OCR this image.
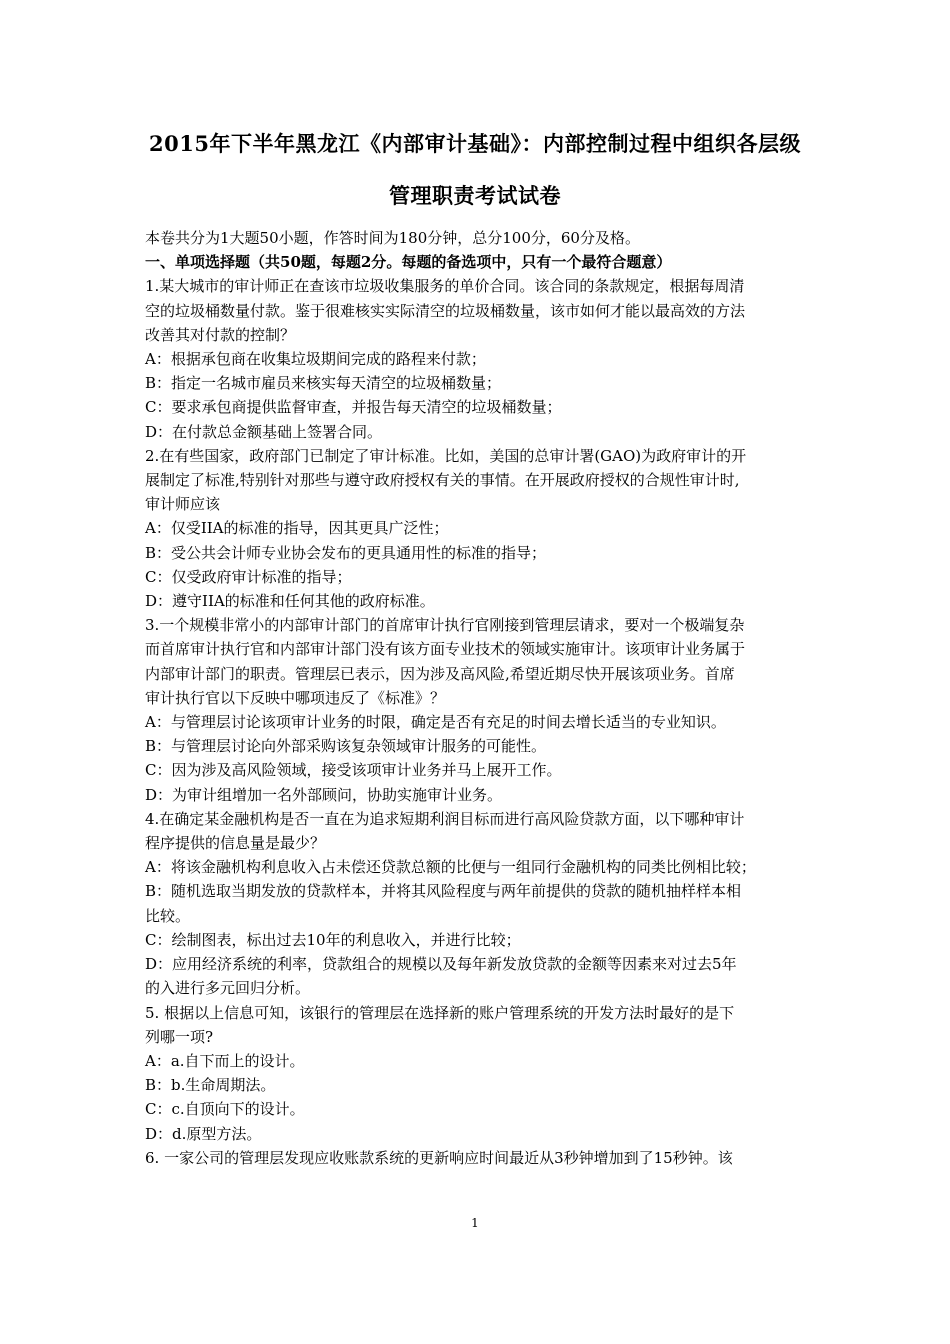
2015年下半年黑龙江《内部审计基础》：内部控制过程中组织各层级
管理职责考试试卷

本卷共分为1大题50小题，作答时间为180分钟，总分100分，60分及格。

一、单项选择题（共50题，每题2分。每题的备选项中，只有一个最符合题意）

1.某大城市的审计师正在查该市垃圾收集服务的单价合同。该合同的条款规定，根据每周清

空的垃圾桶数量付款。鉴于很难核实实际清空的垃圾桶数量，该市如何才能以最高效的方法

改善其对付款的控制？

A：根据承包商在收集垃圾期间完成的路程来付款；

B：指定一名城市雇员来核实每天清空的垃圾桶数量；

C：要求承包商提供监督审查，并报告每天清空的垃圾桶数量；

D：在付款总金额基础上签署合同。

2.在有些国家，政府部门已制定了审计标准。比如，美国的总审计署(GAO)为政府审计的开

展制定了标准,特别针对那些与遵守政府授权有关的事情。在开展政府授权的合规性审计时,

审计师应该

A：仅受IIA的标准的指导，因其更具广泛性；

B：受公共会计师专业协会发布的更具通用性的标准的指导；

C：仅受政府审计标准的指导；

D：遵守IIA的标准和任何其他的政府标准。

3.一个规模非常小的内部审计部门的首席审计执行官刚接到管理层请求，要对一个极端复杂

而首席审计执行官和内部审计部门没有该方面专业技术的领域实施审计。该项审计业务属于

内部审计部门的职责。管理层已表示，因为涉及高风险,希望近期尽快开展该项业务。首席

审计执行官以下反映中哪项违反了《标准》？

A：与管理层讨论该项审计业务的时限，确定是否有充足的时间去增长适当的专业知识。

B：与管理层讨论向外部采购该复杂领域审计服务的可能性。

C：因为涉及高风险领域，接受该项审计业务并马上展开工作。

D：为审计组增加一名外部顾问，协助实施审计业务。

4.在确定某金融机构是否一直在为追求短期利润目标而进行高风险贷款方面，以下哪种审计

程序提供的信息量是最少？

A：将该金融机构利息收入占未偿还贷款总额的比便与一组同行金融机构的同类比例相比较；

B：随机选取当期发放的贷款样本，并将其风险程度与两年前提供的贷款的随机抽样样本相

比较。

C：绘制图表，标出过去10年的利息收入，并进行比较；

D：应用经济系统的利率，贷款组合的规模以及每年新发放贷款的金额等因素来对过去5年

的入进行多元回归分析。

5. 根据以上信息可知，该银行的管理层在选择新的账户管理系统的开发方法时最好的是下

列哪一项?

A：a.自下而上的设计。

B：b.生命周期法。

C：c.自顶向下的设计。

D：d.原型方法。

6. 一家公司的管理层发现应收账款系统的更新响应时间最近从3秒钟增加到了15秒钟。该

1
